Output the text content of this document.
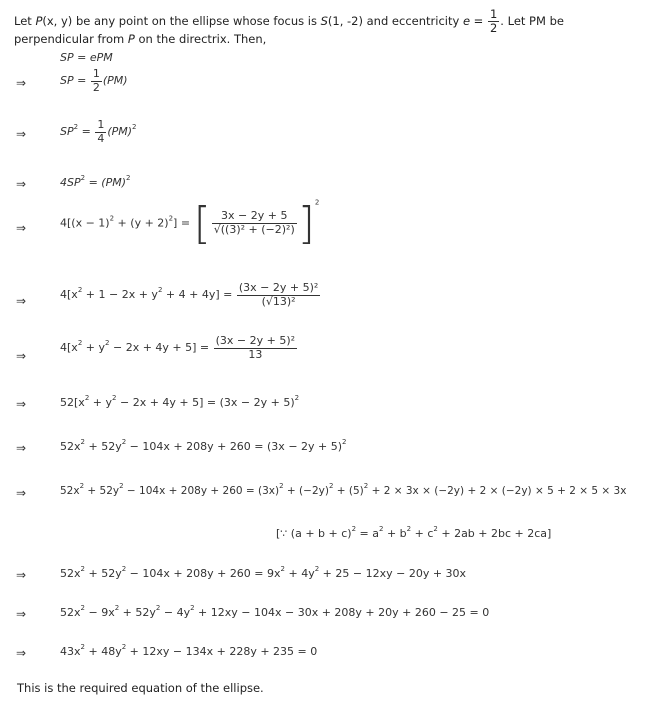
Let P(x, y) be any point on the ellipse whose focus is S(1, -2) and eccentricity $e = \frac{1}{2}$ . Let PM be
perpendicular from P on the directrix. Then,
SP = ePM
⇒	SP = $\frac{1}{2} (PM)$
⇒	$SP^2 = \frac{1}{4} (PM)^2$
⇒	$4SP^2 = (PM)^2$
⇒	$4[(x - 1)^2 + (y + 2)^2]$ = [ $\frac{3x - 2y + 5}{\text{√((3)² + (−2)²)}} ]^2$
⇒	$4[x^2 + 1 - 2x + y^2 + 4 + 4y] = \frac{\text{(3x − 2y + 5)²}}{\text{(√13)²}}$
⇒
$4[x^2 + y^2 - 2x + 4y + 5] = \frac{\text{(3x − 2y + 5)²}}{13}$
⇒	$52[x^2 + y^2 - 2x + 4y + 5] = (3x - 2y + 5)^2$
⇒	$52x^2 + 52y^2 - 104x + 208y + 260 = (3x - 2y + 5)^2$
⇒	$52x^2 + 52y^2 - 104x + 208y + 260 = (3x)^2 + (-2y)^2 + (5)^2 + 2 \times 3x \times (-2y) + 2 \times (-2y) \times 5 + 2 \times 5 \times 3x$
[∵ $(a + b + c)^2 = a^2 + b^2 + c^2 + 2ab + 2bc + 2ca$]
⇒	$52x^2 + 52y^2 - 104x + 208y + 260 = 9x^2 + 4y^2 + 25 - 12xy - 20y + 30x$
⇒	$52x^2 - 9x^2 + 52y^2 - 4y^2 + 12xy - 104x - 30x + 208y + 20y + 260 - 25 = 0$
⇒	$43x^2 + 48y^2 + 12xy - 134x + 228y + 235 = 0$
This is the required equation of the ellipse.
